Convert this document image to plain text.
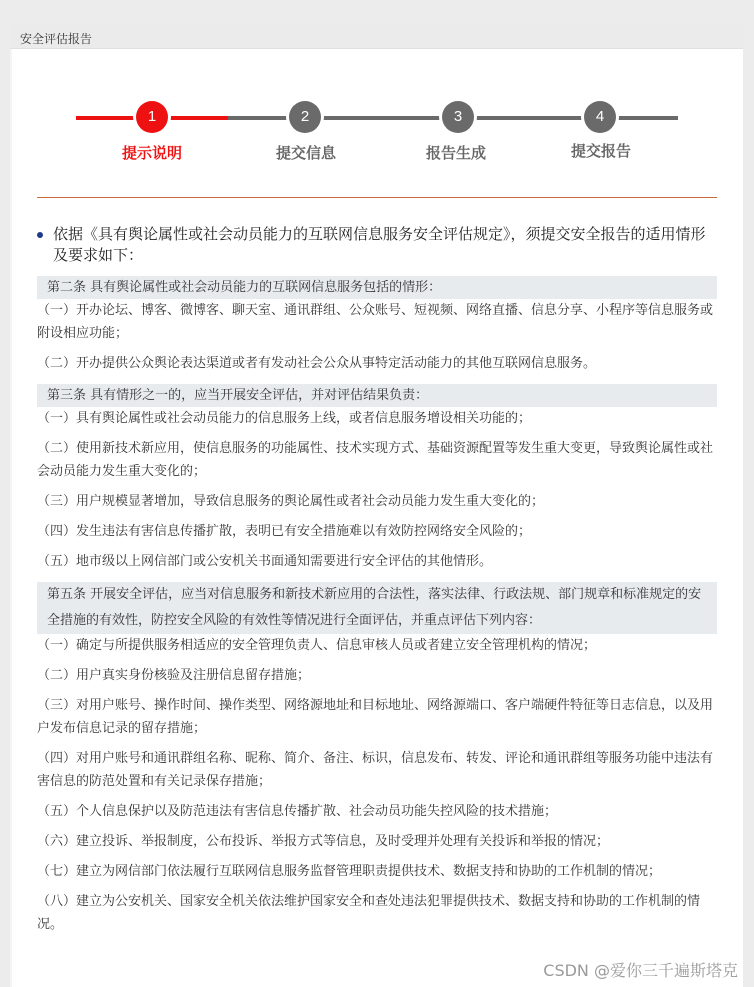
安全评估报告
1
提示说明
2
提交信息
3
报告生成
4
提交报告
依据《具有舆论属性或社会动员能力的互联网信息服务安全评估规定》，须提交安全报告的适用情形及要求如下：
第二条 具有舆论属性或社会动员能力的互联网信息服务包括的情形：
（一）开办论坛、博客、微博客、聊天室、通讯群组、公众账号、短视频、网络直播、信息分享、小程序等信息服务或附设相应功能；
（二）开办提供公众舆论表达渠道或者有发动社会公众从事特定活动能力的其他互联网信息服务。
第三条 具有情形之一的，应当开展安全评估，并对评估结果负责：
（一）具有舆论属性或社会动员能力的信息服务上线，或者信息服务增设相关功能的；
（二）使用新技术新应用，使信息服务的功能属性、技术实现方式、基础资源配置等发生重大变更，导致舆论属性或社会动员能力发生重大变化的；
（三）用户规模显著增加，导致信息服务的舆论属性或者社会动员能力发生重大变化的；
（四）发生违法有害信息传播扩散，表明已有安全措施难以有效防控网络安全风险的；
（五）地市级以上网信部门或公安机关书面通知需要进行安全评估的其他情形。
第五条 开展安全评估，应当对信息服务和新技术新应用的合法性，落实法律、行政法规、部门规章和标准规定的安全措施的有效性，防控安全风险的有效性等情况进行全面评估，并重点评估下列内容：
（一）确定与所提供服务相适应的安全管理负责人、信息审核人员或者建立安全管理机构的情况；
（二）用户真实身份核验及注册信息留存措施；
（三）对用户账号、操作时间、操作类型、网络源地址和目标地址、网络源端口、客户端硬件特征等日志信息，以及用户发布信息记录的留存措施；
（四）对用户账号和通讯群组名称、昵称、简介、备注、标识，信息发布、转发、评论和通讯群组等服务功能中违法有害信息的防范处置和有关记录保存措施；
（五）个人信息保护以及防范违法有害信息传播扩散、社会动员功能失控风险的技术措施；
（六）建立投诉、举报制度，公布投诉、举报方式等信息，及时受理并处理有关投诉和举报的情况；
（七）建立为网信部门依法履行互联网信息服务监督管理职责提供技术、数据支持和协助的工作机制的情况；
（八）建立为公安机关、国家安全机关依法维护国家安全和查处违法犯罪提供技术、数据支持和协助的工作机制的情况。
CSDN @爱你三千遍斯塔克
